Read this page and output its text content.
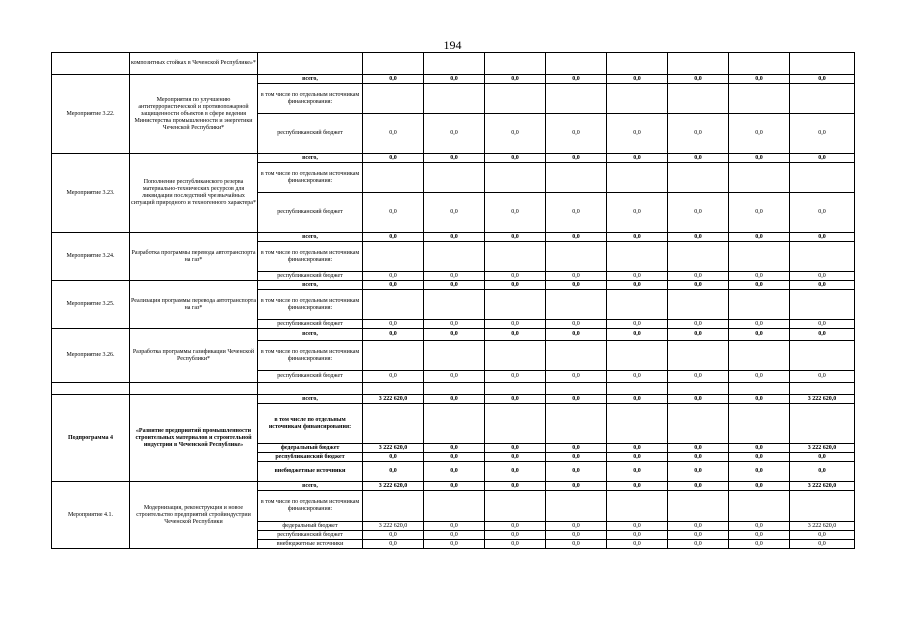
194
	композитных стойках в Чеченской Республике»*									
Мероприятие 3.22.	Мероприятия по улучшению антитеррористической и противопожарной защищенности объектов в сфере ведения Министерства промышленности и энергетики Чеченской Республики*	всего,	0,0	0,0	0,0	0,0	0,0	0,0	0,0	0,0
		в том числе по отдельным источникам финансирования:								
		республиканский бюджет	0,0	0,0	0,0	0,0	0,0	0,0	0,0	0,0
Мероприятие 3.23.	Пополнение республиканского резерва материально-технических ресурсов для ликвидации последствий чрезвычайных ситуаций природного и техногенного характера*	всего,	0,0	0,0	0,0	0,0	0,0	0,0	0,0	0,0
		в том числе по отдельным источникам финансирования:								
		республиканский бюджет	0,0	0,0	0,0	0,0	0,0	0,0	0,0	0,0
Мероприятие 3.24.	Разработка программы перевода автотранспорта на газ*	всего,	0,0	0,0	0,0	0,0	0,0	0,0	0,0	0,0
		в том числе по отдельным источникам финансирования:								
		республиканский бюджет	0,0	0,0	0,0	0,0	0,0	0,0	0,0	0,0
Мероприятие 3.25.	Реализация программы перевода автотранспорта на газ*	всего,	0,0	0,0	0,0	0,0	0,0	0,0	0,0	0,0
		в том числе по отдельным источникам финансирования:								
		республиканский бюджет	0,0	0,0	0,0	0,0	0,0	0,0	0,0	0,0
Мероприятие 3.26.	Разработка программы газификации Чеченской Республики*	всего,	0,0	0,0	0,0	0,0	0,0	0,0	0,0	0,0
		в том числе по отдельным источникам финансирования:								
		республиканский бюджет	0,0	0,0	0,0	0,0	0,0	0,0	0,0	0,0

Подпрограмма 4	«Развитие предприятий промышленности строительных материалов и строительной индустрии в Чеченской Республике»	всего,	3 222 620,0	0,0	0,0	0,0	0,0	0,0	0,0	3 222 620,0
		в том числе по отдельным источникам финансирования:								
		федеральный бюджет	3 222 620,0	0,0	0,0	0,0	0,0	0,0	0,0	3 222 620,0
		республиканский бюджет	0,0	0,0	0,0	0,0	0,0	0,0	0,0	0,0
		внебюджетные источники	0,0	0,0	0,0	0,0	0,0	0,0	0,0	0,0
Мероприятие 4.1.	Модернизация, реконструкция и новое строительство предприятий стройиндустрии Чеченской Республики	всего,	3 222 620,0	0,0	0,0	0,0	0,0	0,0	0,0	3 222 620,0
		в том числе по отдельным источникам финансирования:								
		федеральный бюджет	3 222 620,0	0,0	0,0	0,0	0,0	0,0	0,0	3 222 620,0
		республиканский бюджет	0,0	0,0	0,0	0,0	0,0	0,0	0,0	0,0
		внебюджетные источники	0,0	0,0	0,0	0,0	0,0	0,0	0,0	0,0
